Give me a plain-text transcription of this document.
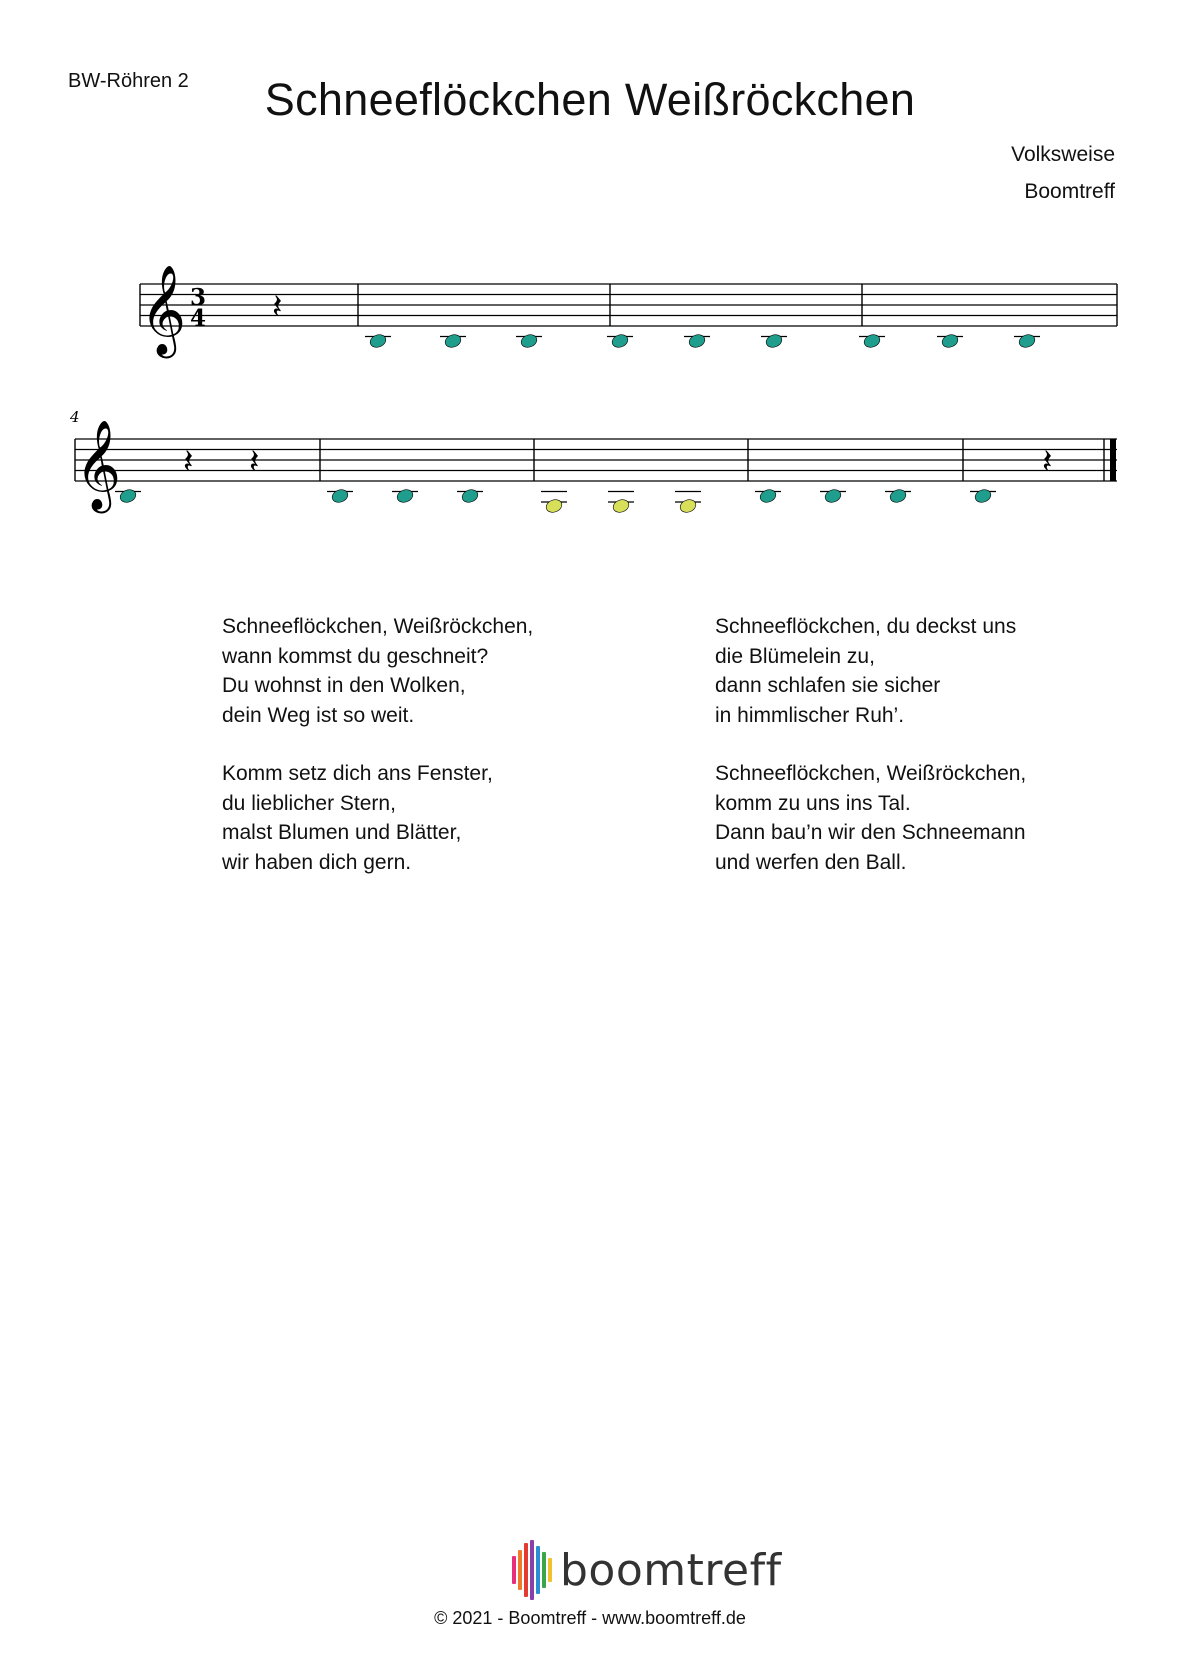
BW-Röhren 2	Schneeflöckchen Weißröckchen
Volksweise
Boomtreff
𝄞 3
4 𝄽
4
𝄞 𝄽 𝄽	𝄽
Schneeflöckchen, Weißröckchen,
wann kommst du geschneit?
Du wohnst in den Wolken,
dein Weg ist so weit.
Komm setz dich ans Fenster,
du lieblicher Stern,
malst Blumen und Blätter,
wir haben dich gern.
Schneeflöckchen, du deckst uns
die Blümelein zu,
dann schlafen sie sicher
in himmlischer Ruh’.
Schneeflöckchen, Weißröckchen,
komm zu uns ins Tal.
Dann bau’n wir den Schneemann
und werfen den Ball.
boomtreff
© 2021 - Boomtreff - www.boomtreff.de
